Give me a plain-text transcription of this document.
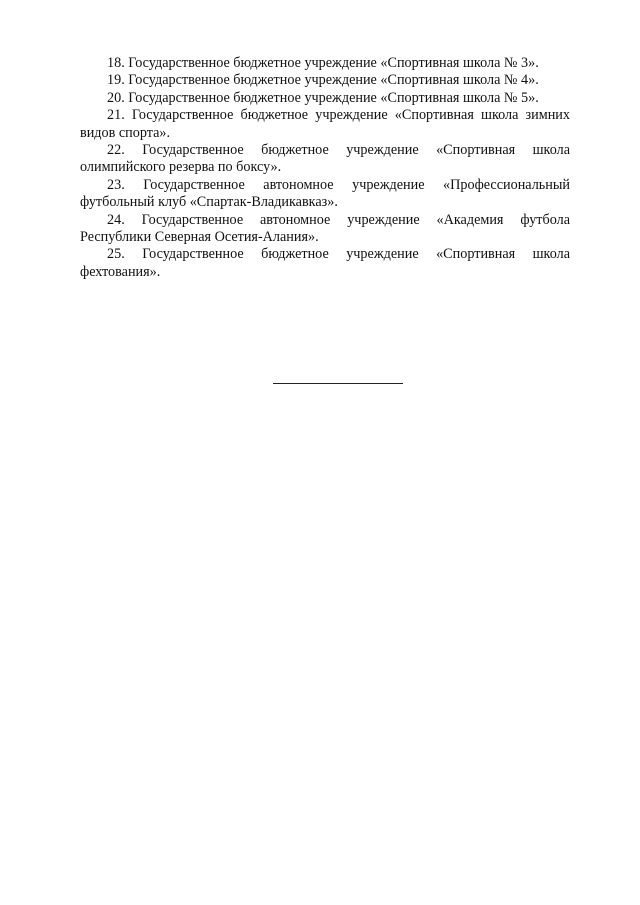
18. Государственное бюджетное учреждение «Спортивная школа № 3».

19. Государственное бюджетное учреждение «Спортивная школа № 4».

20. Государственное бюджетное учреждение «Спортивная школа № 5».

21. Государственное бюджетное учреждение «Спортивная школа зимних видов спорта».

22. Государственное бюджетное учреждение «Спортивная школа олимпийского резерва по боксу».

23. Государственное автономное учреждение «Профессиональный футбольный клуб «Спартак-Владикавказ».

24. Государственное автономное учреждение «Академия футбола Республики Северная Осетия-Алания».

25. Государственное бюджетное учреждение «Спортивная школа фехтования».
